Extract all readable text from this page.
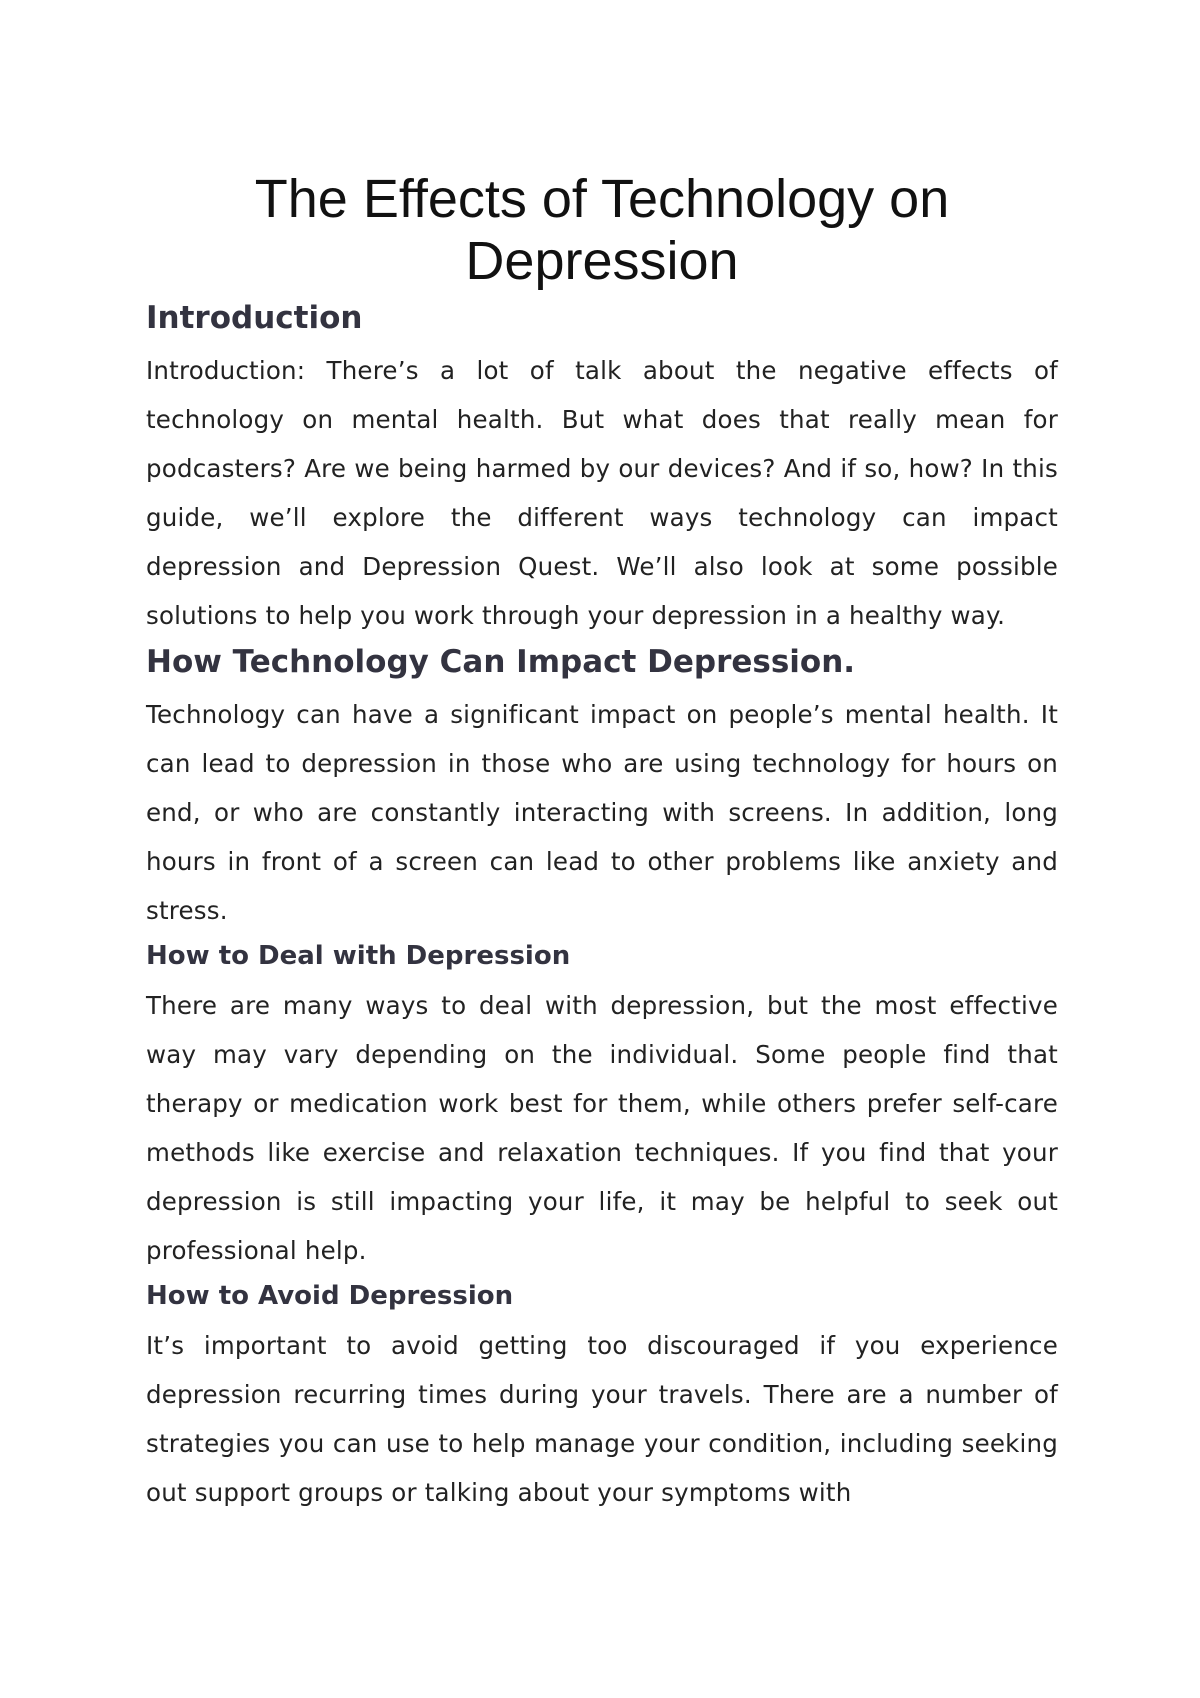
The Effects of Technology on Depression
Introduction

Introduction: There’s a lot of talk about the negative effects of technology on mental health. But what does that really mean for podcasters? Are we being harmed by our devices? And if so, how? In this guide, we’ll explore the different ways technology can impact depression and Depression Quest. We’ll also look at some possible solutions to help you work through your depression in a healthy way.

How Technology Can Impact Depression.

Technology can have a significant impact on people’s mental health. It can lead to depression in those who are using technology for hours on end, or who are constantly interacting with screens. In addition, long hours in front of a screen can lead to other problems like anxiety and stress.

How to Deal with Depression

There are many ways to deal with depression, but the most effective way may vary depending on the individual. Some people find that therapy or medication work best for them, while others prefer self-care methods like exercise and relaxation techniques. If you find that your depression is still impacting your life, it may be helpful to seek out professional help.

How to Avoid Depression

It’s important to avoid getting too discouraged if you experience depression recurring times during your travels. There are a number of strategies you can use to help manage your condition, including seeking out support groups or talking about your symptoms with
